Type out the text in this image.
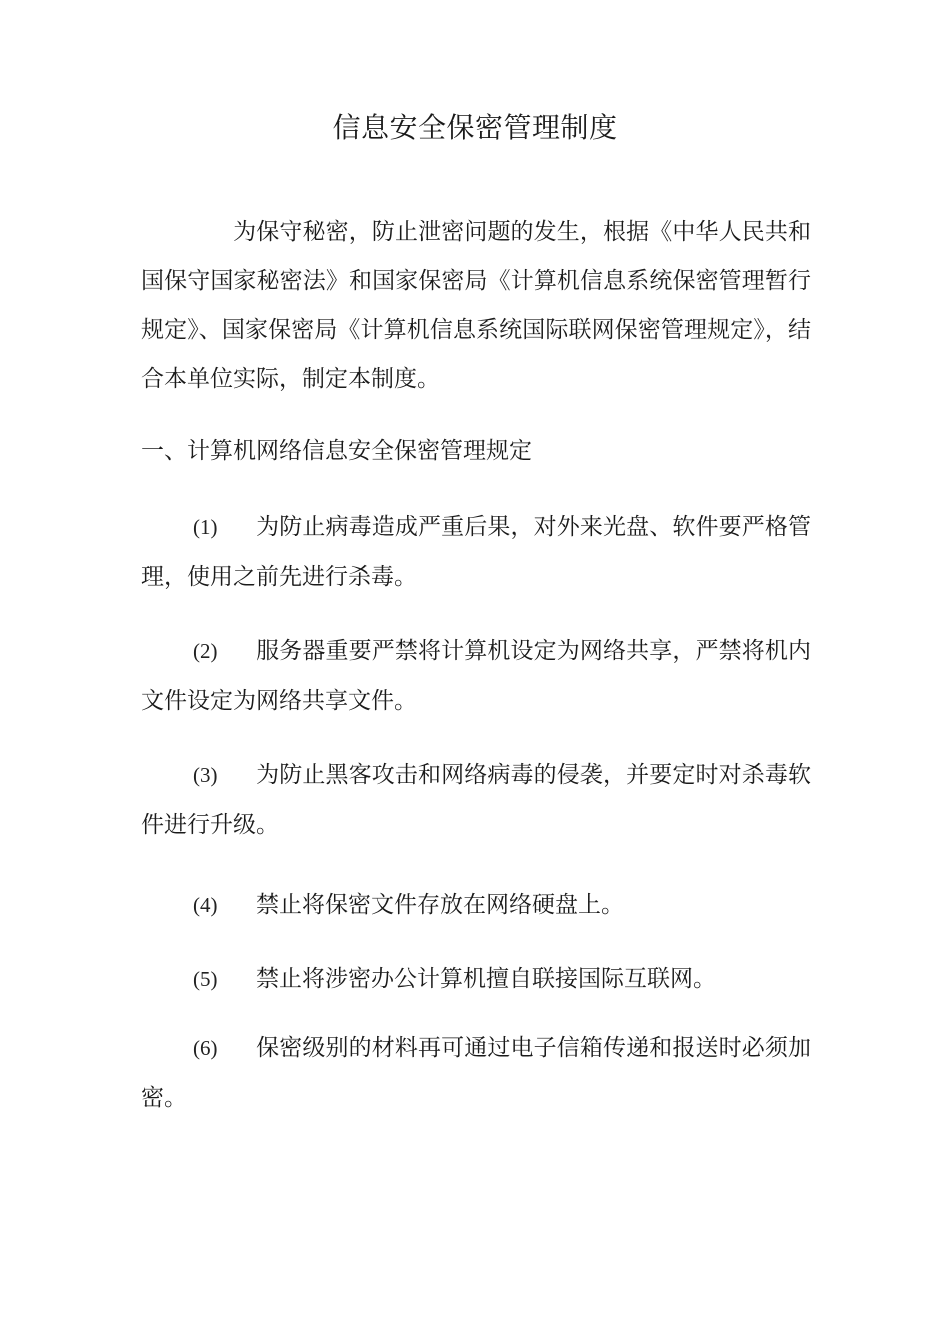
信息安全保密管理制度

为保守秘密，防止泄密问题的发生，根据《中华人民共和国保守国家秘密法》和国家保密局《计算机信息系统保密管理暂行规定》、国家保密局《计算机信息系统国际联网保密管理规定》，结合本单位实际，制定本制度。

一、计算机网络信息安全保密管理规定

(1) 为防止病毒造成严重后果，对外来光盘、软件要严格管理，使用之前先进行杀毒。

(2) 服务器重要严禁将计算机设定为网络共享，严禁将机内文件设定为网络共享文件。

(3) 为防止黑客攻击和网络病毒的侵袭，并要定时对杀毒软件进行升级。

(4) 禁止将保密文件存放在网络硬盘上。

(5) 禁止将涉密办公计算机擅自联接国际互联网。

(6) 保密级别的材料再可通过电子信箱传递和报送时必须加密。
